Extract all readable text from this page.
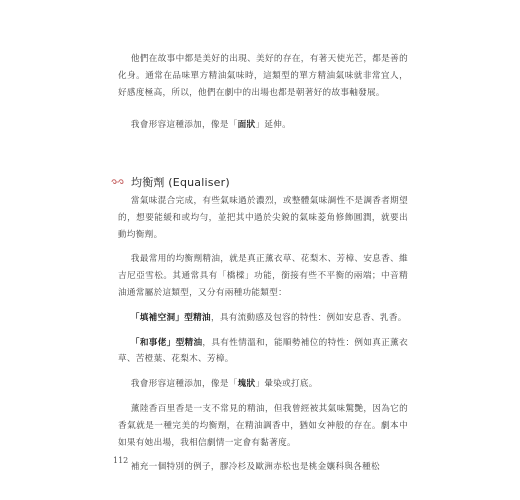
他們在故事中都是美好的出現、美好的存在，有著天使光芒，都是善的化身。通常在品味單方精油氣味時，這類型的單方精油氣味就非常宜人，好感度極高，所以，他們在劇中的出場也都是朝著好的故事軸發展。

我會形容這種添加，像是「面狀」延伸。

均衡劑 (Equaliser)

當氣味混合完成，有些氣味過於濃烈，或整體氣味調性不是調香者期望的，想要能緩和或均勻，並把其中過於尖銳的氣味菱角修飾圓潤，就要出動均衡劑。

我最常用的均衡劑精油，就是真正薰衣草、花梨木、芳樟、安息香、維吉尼亞雪松。其通常具有「橋樑」功能，銜接有些不平衡的兩端；中音精油通常屬於這類型，又分有兩種功能類型：

「填補空洞」型精油，具有流動感及包容的特性：例如安息香、乳香。

「和事佬」型精油，具有性情溫和，能順勢補位的特性：例如真正薰衣草、苦橙葉、花梨木、芳樟。

我會形容這種添加，像是「塊狀」暈染或打底。

薰陸香百里香是一支不常見的精油，但我曾經被其氣味驚艷，因為它的香氣就是一種完美的均衡劑，在精油調香中，猶如女神般的存在。劇本中如果有她出場，我相信劇情一定會有黏著度。

補充一個特別的例子，膠冷杉及歐洲赤松也是桃金孃科與各種松

112
